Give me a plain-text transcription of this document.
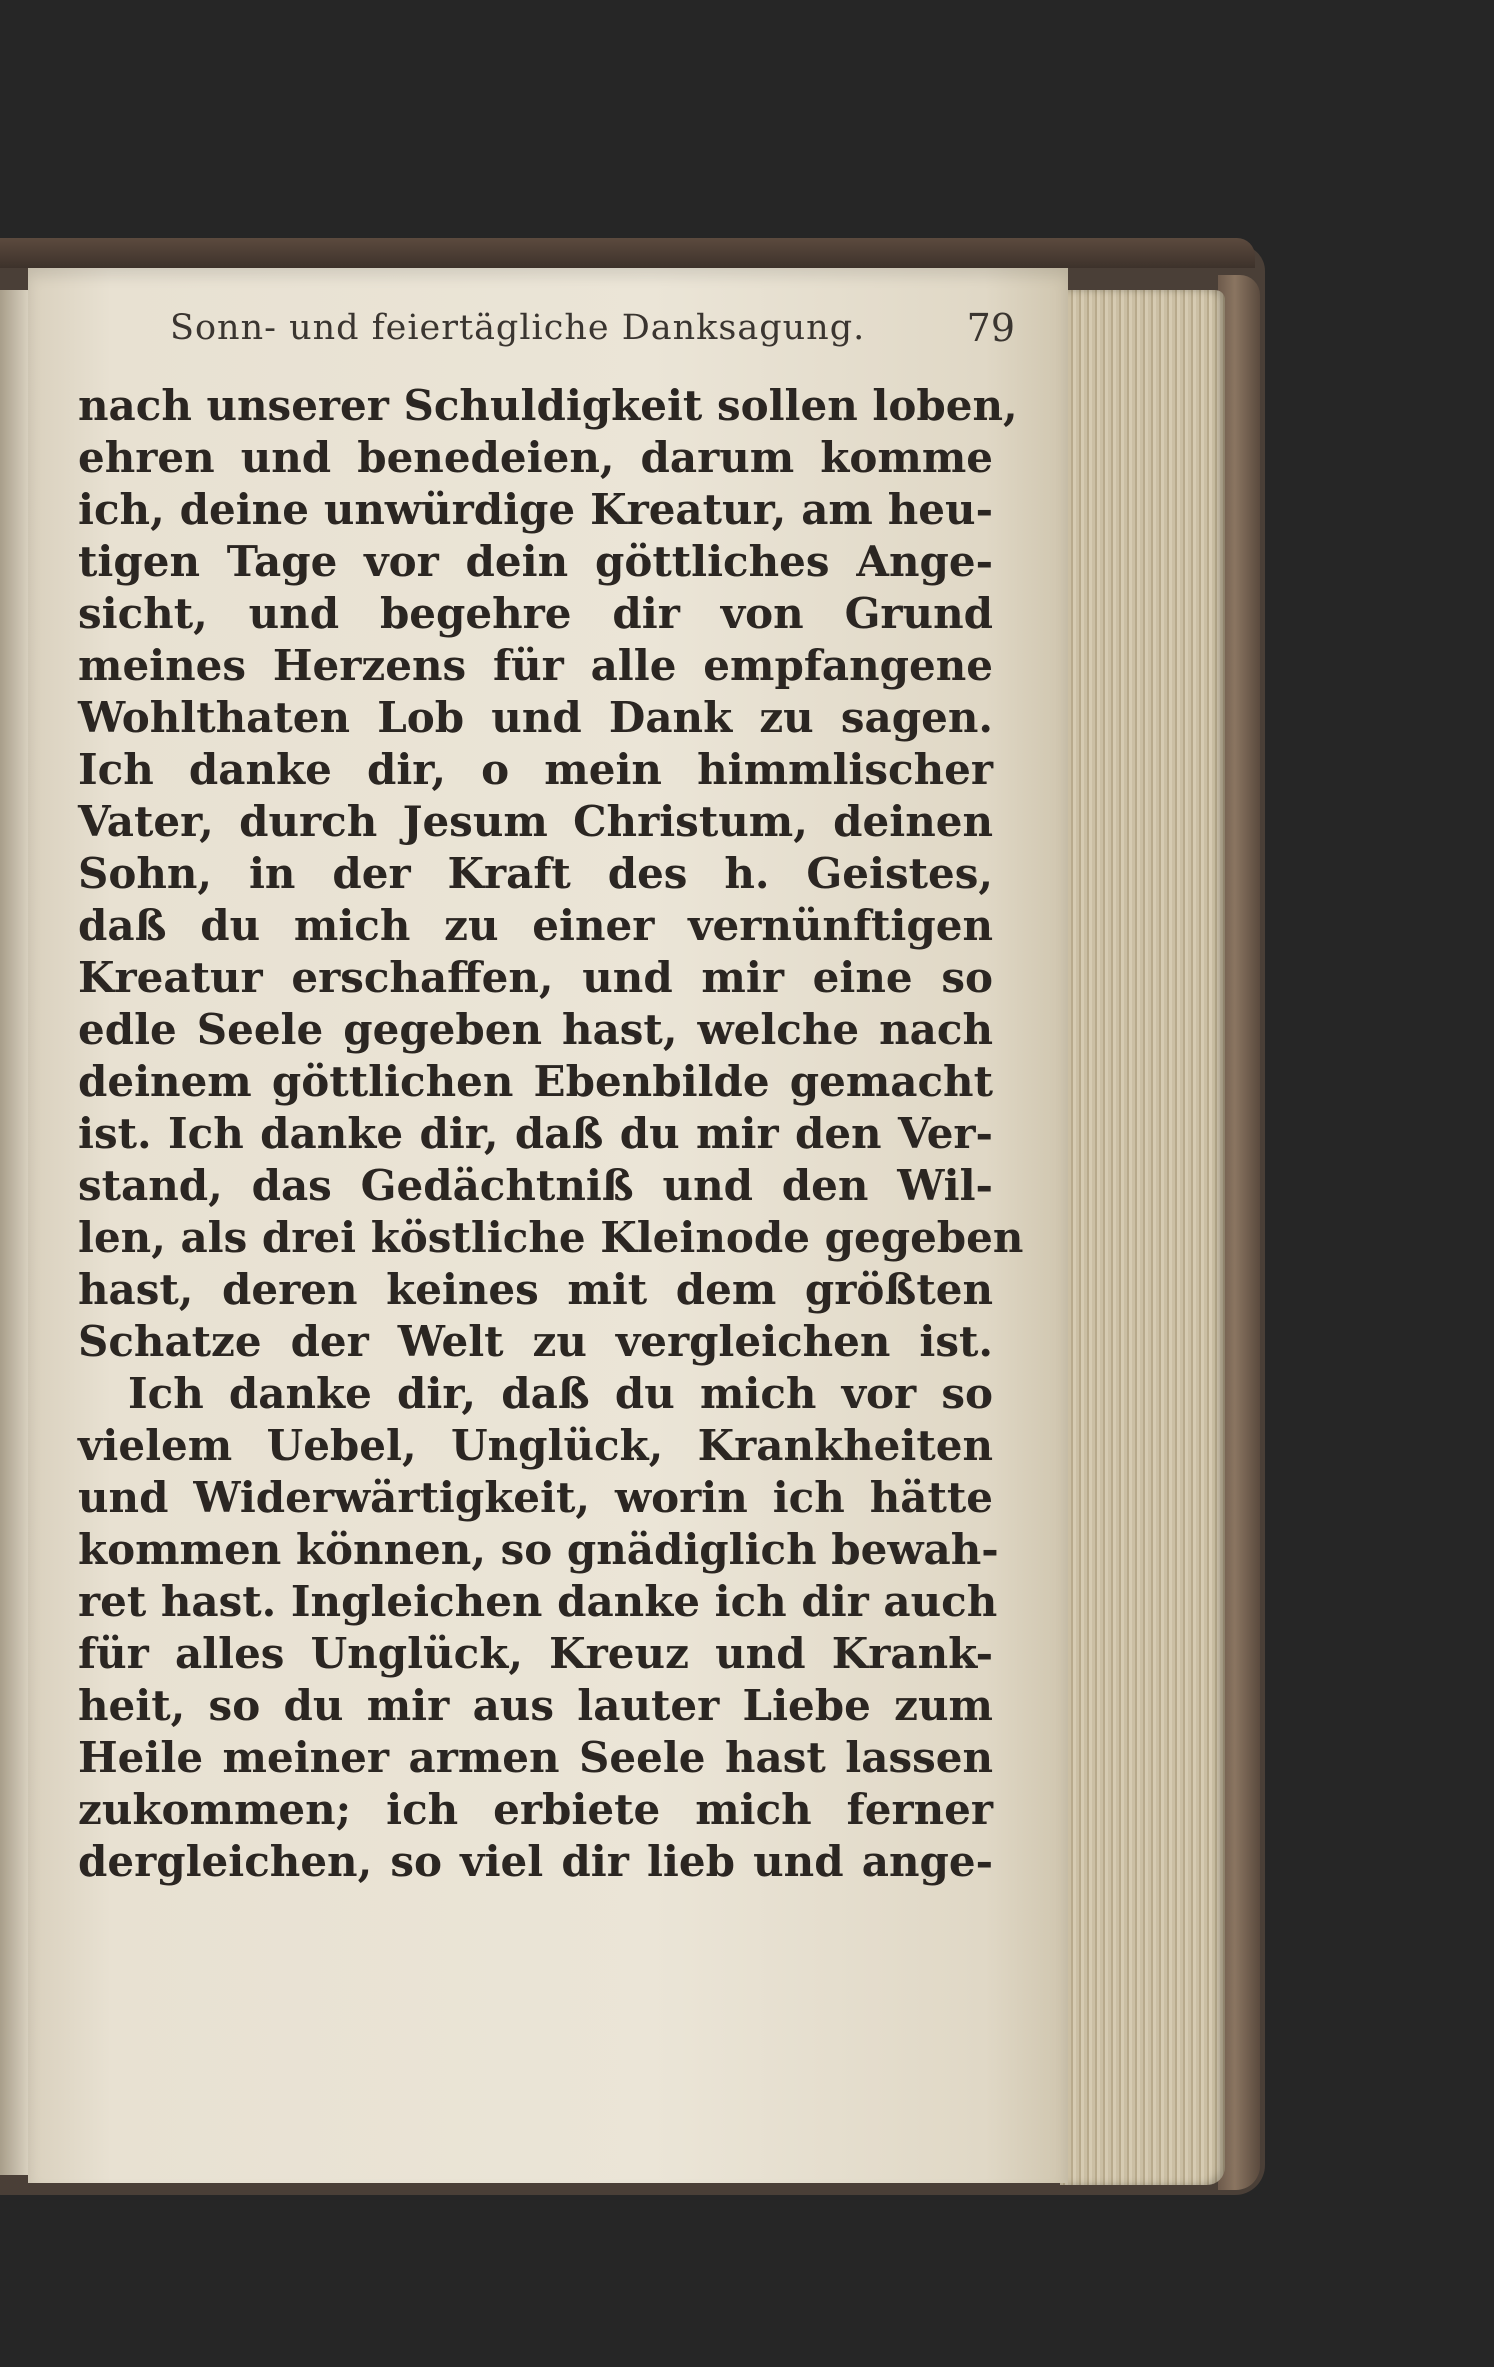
Sonn- und feiertägliche Danksagung.	79
nach unserer Schuldigkeit sollen loben,
ehren und benedeien, darum komme
ich, deine unwürdige Kreatur, am heu-
tigen Tage vor dein göttliches Ange-
sicht, und begehre dir von Grund
meines Herzens für alle empfangene
Wohlthaten Lob und Dank zu sagen.
Ich danke dir, o mein himmlischer
Vater, durch Jesum Christum, deinen
Sohn, in der Kraft des h. Geistes,
daß du mich zu einer vernünftigen
Kreatur erschaffen, und mir eine so
edle Seele gegeben hast, welche nach
deinem göttlichen Ebenbilde gemacht
ist. Ich danke dir, daß du mir den Ver-
stand, das Gedächtniß und den Wil-
len, als drei köstliche Kleinode gegeben
hast, deren keines mit dem größten
Schatze der Welt zu vergleichen ist.
Ich danke dir, daß du mich vor so
vielem Uebel, Unglück, Krankheiten
und Widerwärtigkeit, worin ich hätte
kommen können, so gnädiglich bewah-
ret hast. Ingleichen danke ich dir auch
für alles Unglück, Kreuz und Krank-
heit, so du mir aus lauter Liebe zum
Heile meiner armen Seele hast lassen
zukommen; ich erbiete mich ferner
dergleichen, so viel dir lieb und ange-
